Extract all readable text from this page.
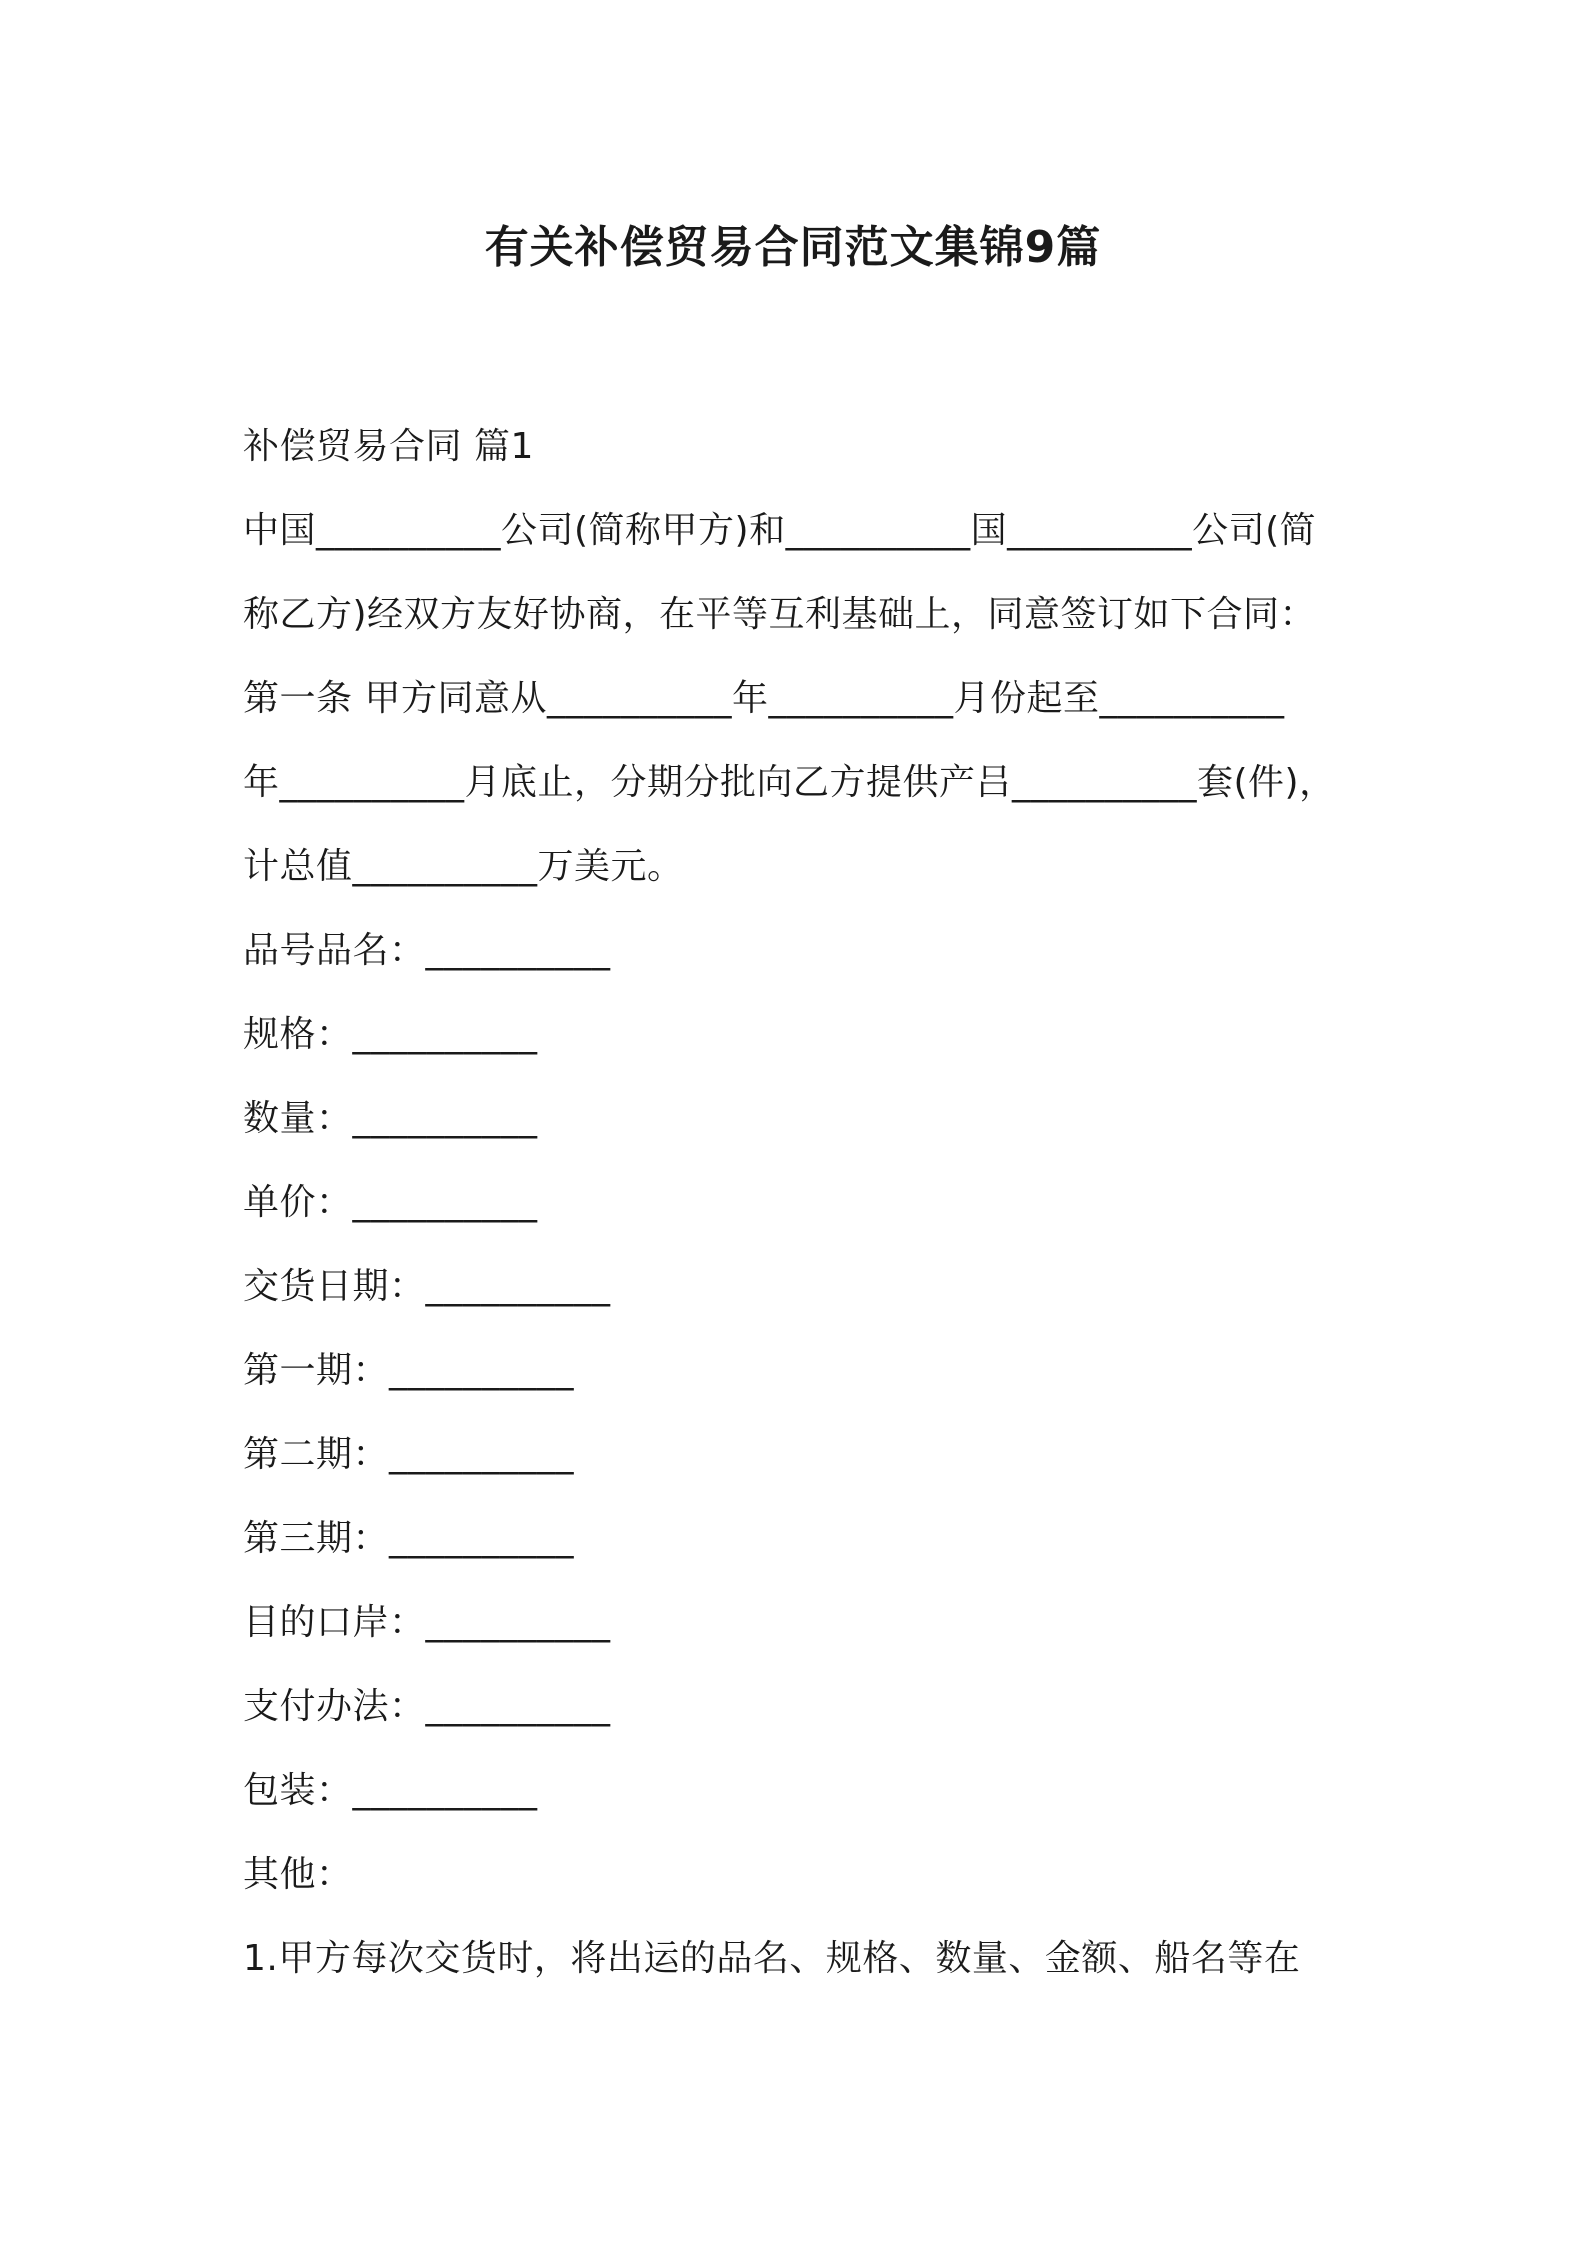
有关补偿贸易合同范文集锦9篇
补偿贸易合同 篇1
中国__________公司(简称甲方)和__________国__________公司(简
称乙方)经双方友好协商，在平等互利基础上，同意签订如下合同：
第一条 甲方同意从__________年__________月份起至__________
年__________月底止，分期分批向乙方提供产吕__________套(件)，
计总值__________万美元。
品号品名：__________
规格：__________
数量：__________
单价：__________
交货日期：__________
第一期：__________
第二期：__________
第三期：__________
目的口岸：__________
支付办法：__________
包装：__________
其他：
1.甲方每次交货时，将出运的品名、规格、数量、金额、船名等在
